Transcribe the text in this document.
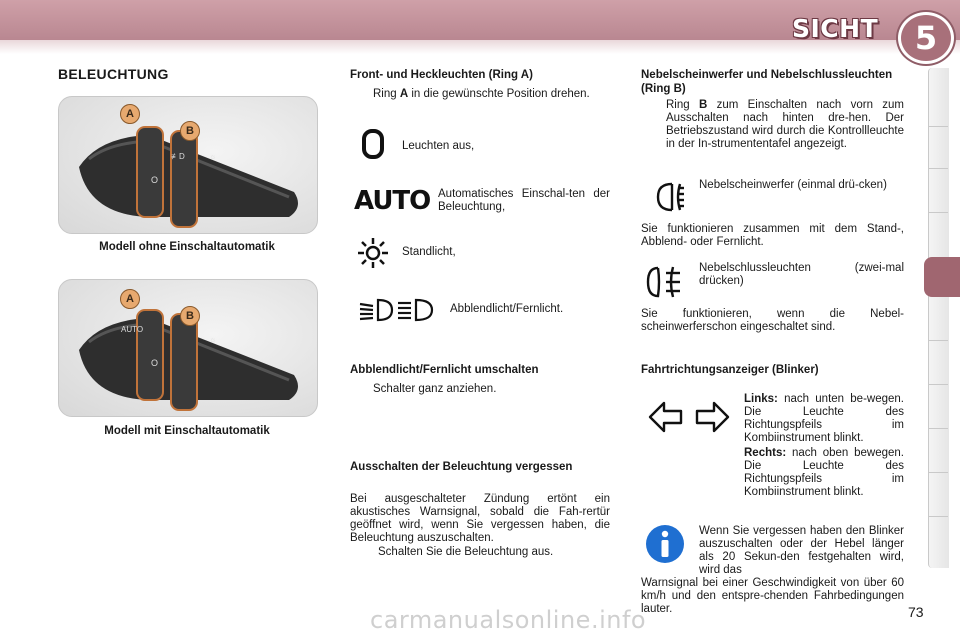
SICHT	5
BELEUCHTUNG
O
≢D	☼
A
B
Modell ohne Einschaltautomatik
AUTO
O
☼
A
B
Modell mit Einschaltautomatik
Front- und Heckleuchten (Ring A)
Ring A in die gewünschte Position drehen.
Leuchten aus,
AUTO Automatisches Einschal-ten der Beleuchtung,
Standlicht,
Abblendlicht/Fernlicht.
Abblendlicht/Fernlicht umschalten
Schalter ganz anziehen.
Ausschalten der Beleuchtung vergessen
Bei ausgeschalteter Zündung ertönt ein akustisches Warnsignal, sobald die Fah-rertür geöffnet wird, wenn Sie vergessen haben, die Beleuchtung auszuschalten.
Schalten Sie die Beleuchtung aus.
Nebelscheinwerfer und Nebelschlussleuchten (Ring B)
Ring B zum Einschalten nach vorn zum Ausschalten nach hinten dre-hen. Der Betriebszustand wird durch die Kontrollleuchte in der In-strumententafel angezeigt.
Nebelscheinwerfer (einmal drü-cken)
Sie funktionieren zusammen mit dem Stand-, Abblend- oder Fernlicht.
Nebelschlussleuchten (zwei-mal drücken)
Sie funktionieren, wenn die Nebel-scheinwerferschon eingeschaltet sind.
Fahrtrichtungsanzeiger (Blinker)
Links: nach unten be-wegen. Die Leuchte des Richtungspfeils im Kombiinstrument blinkt.
Rechts: nach oben bewegen. Die Leuchte des Richtungspfeils im Kombiinstrument blinkt.
Wenn Sie vergessen haben den Blinker auszuschalten oder der Hebel länger als 20 Sekun-den festgehalten wird, wird das
Warnsignal bei einer Geschwindigkeit von über 60 km/h und den entspre-chenden Fahrbedingungen lauter.	73
carmanualsonline.info
